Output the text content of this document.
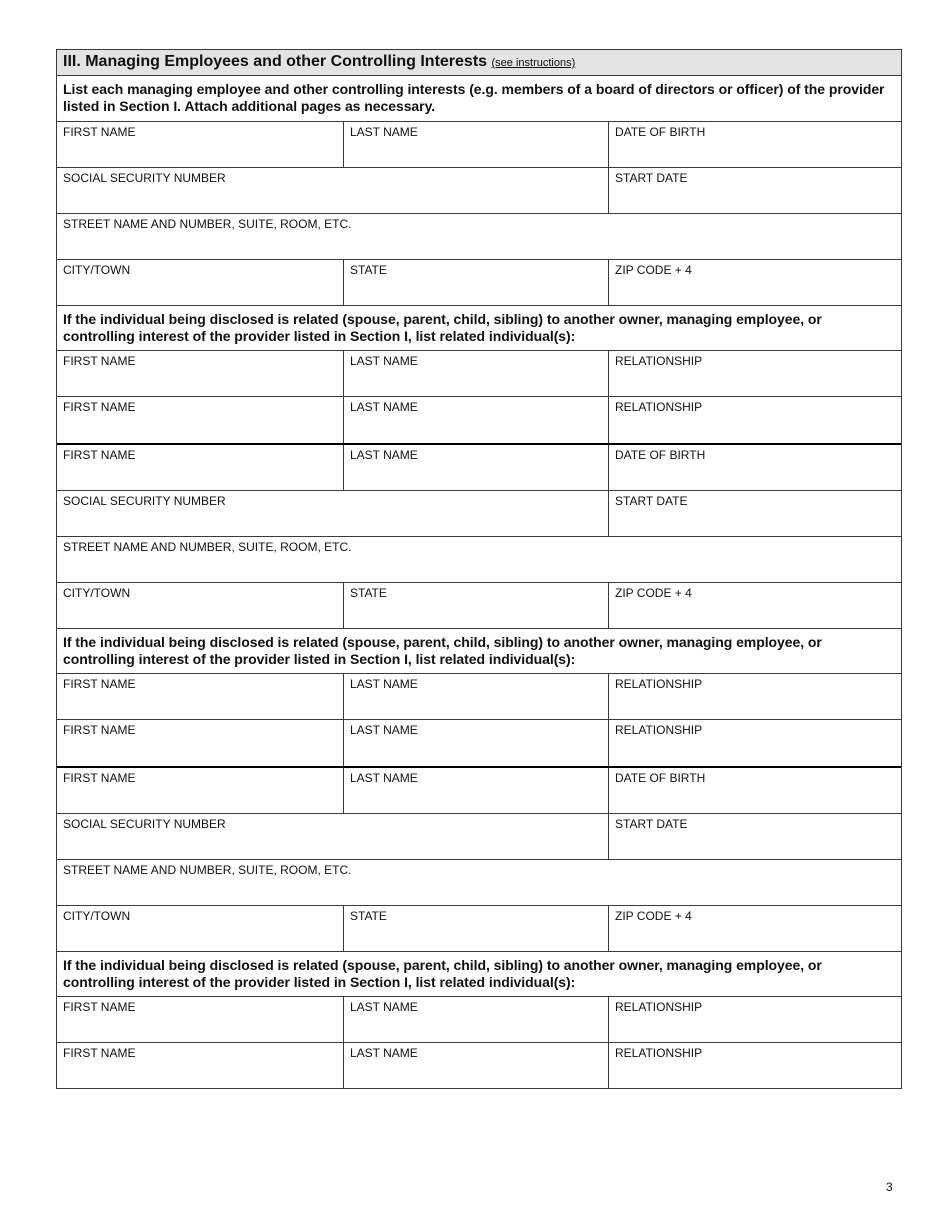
III. Managing Employees and other Controlling Interests (see instructions)
List each managing employee and other controlling interests (e.g. members of a board of directors or officer) of the provider listed in Section I. Attach additional pages as necessary.
FIRST NAME	LAST NAME	DATE OF BIRTH
SOCIAL SECURITY NUMBER	START DATE
STREET NAME AND NUMBER, SUITE, ROOM, ETC.
CITY/TOWN	STATE	ZIP CODE + 4
If the individual being disclosed is related (spouse, parent, child, sibling) to another owner, managing employee, or controlling interest of the provider listed in Section I, list related individual(s):
FIRST NAME	LAST NAME	RELATIONSHIP
FIRST NAME	LAST NAME	RELATIONSHIP
FIRST NAME	LAST NAME	DATE OF BIRTH
SOCIAL SECURITY NUMBER	START DATE
STREET NAME AND NUMBER, SUITE, ROOM, ETC.
CITY/TOWN	STATE	ZIP CODE + 4
If the individual being disclosed is related (spouse, parent, child, sibling) to another owner, managing employee, or controlling interest of the provider listed in Section I, list related individual(s):
FIRST NAME	LAST NAME	RELATIONSHIP
FIRST NAME	LAST NAME	RELATIONSHIP
FIRST NAME	LAST NAME	DATE OF BIRTH
SOCIAL SECURITY NUMBER	START DATE
STREET NAME AND NUMBER, SUITE, ROOM, ETC.
CITY/TOWN	STATE	ZIP CODE + 4
If the individual being disclosed is related (spouse, parent, child, sibling) to another owner, managing employee, or controlling interest of the provider listed in Section I, list related individual(s):
FIRST NAME	LAST NAME	RELATIONSHIP
FIRST NAME	LAST NAME	RELATIONSHIP
3
